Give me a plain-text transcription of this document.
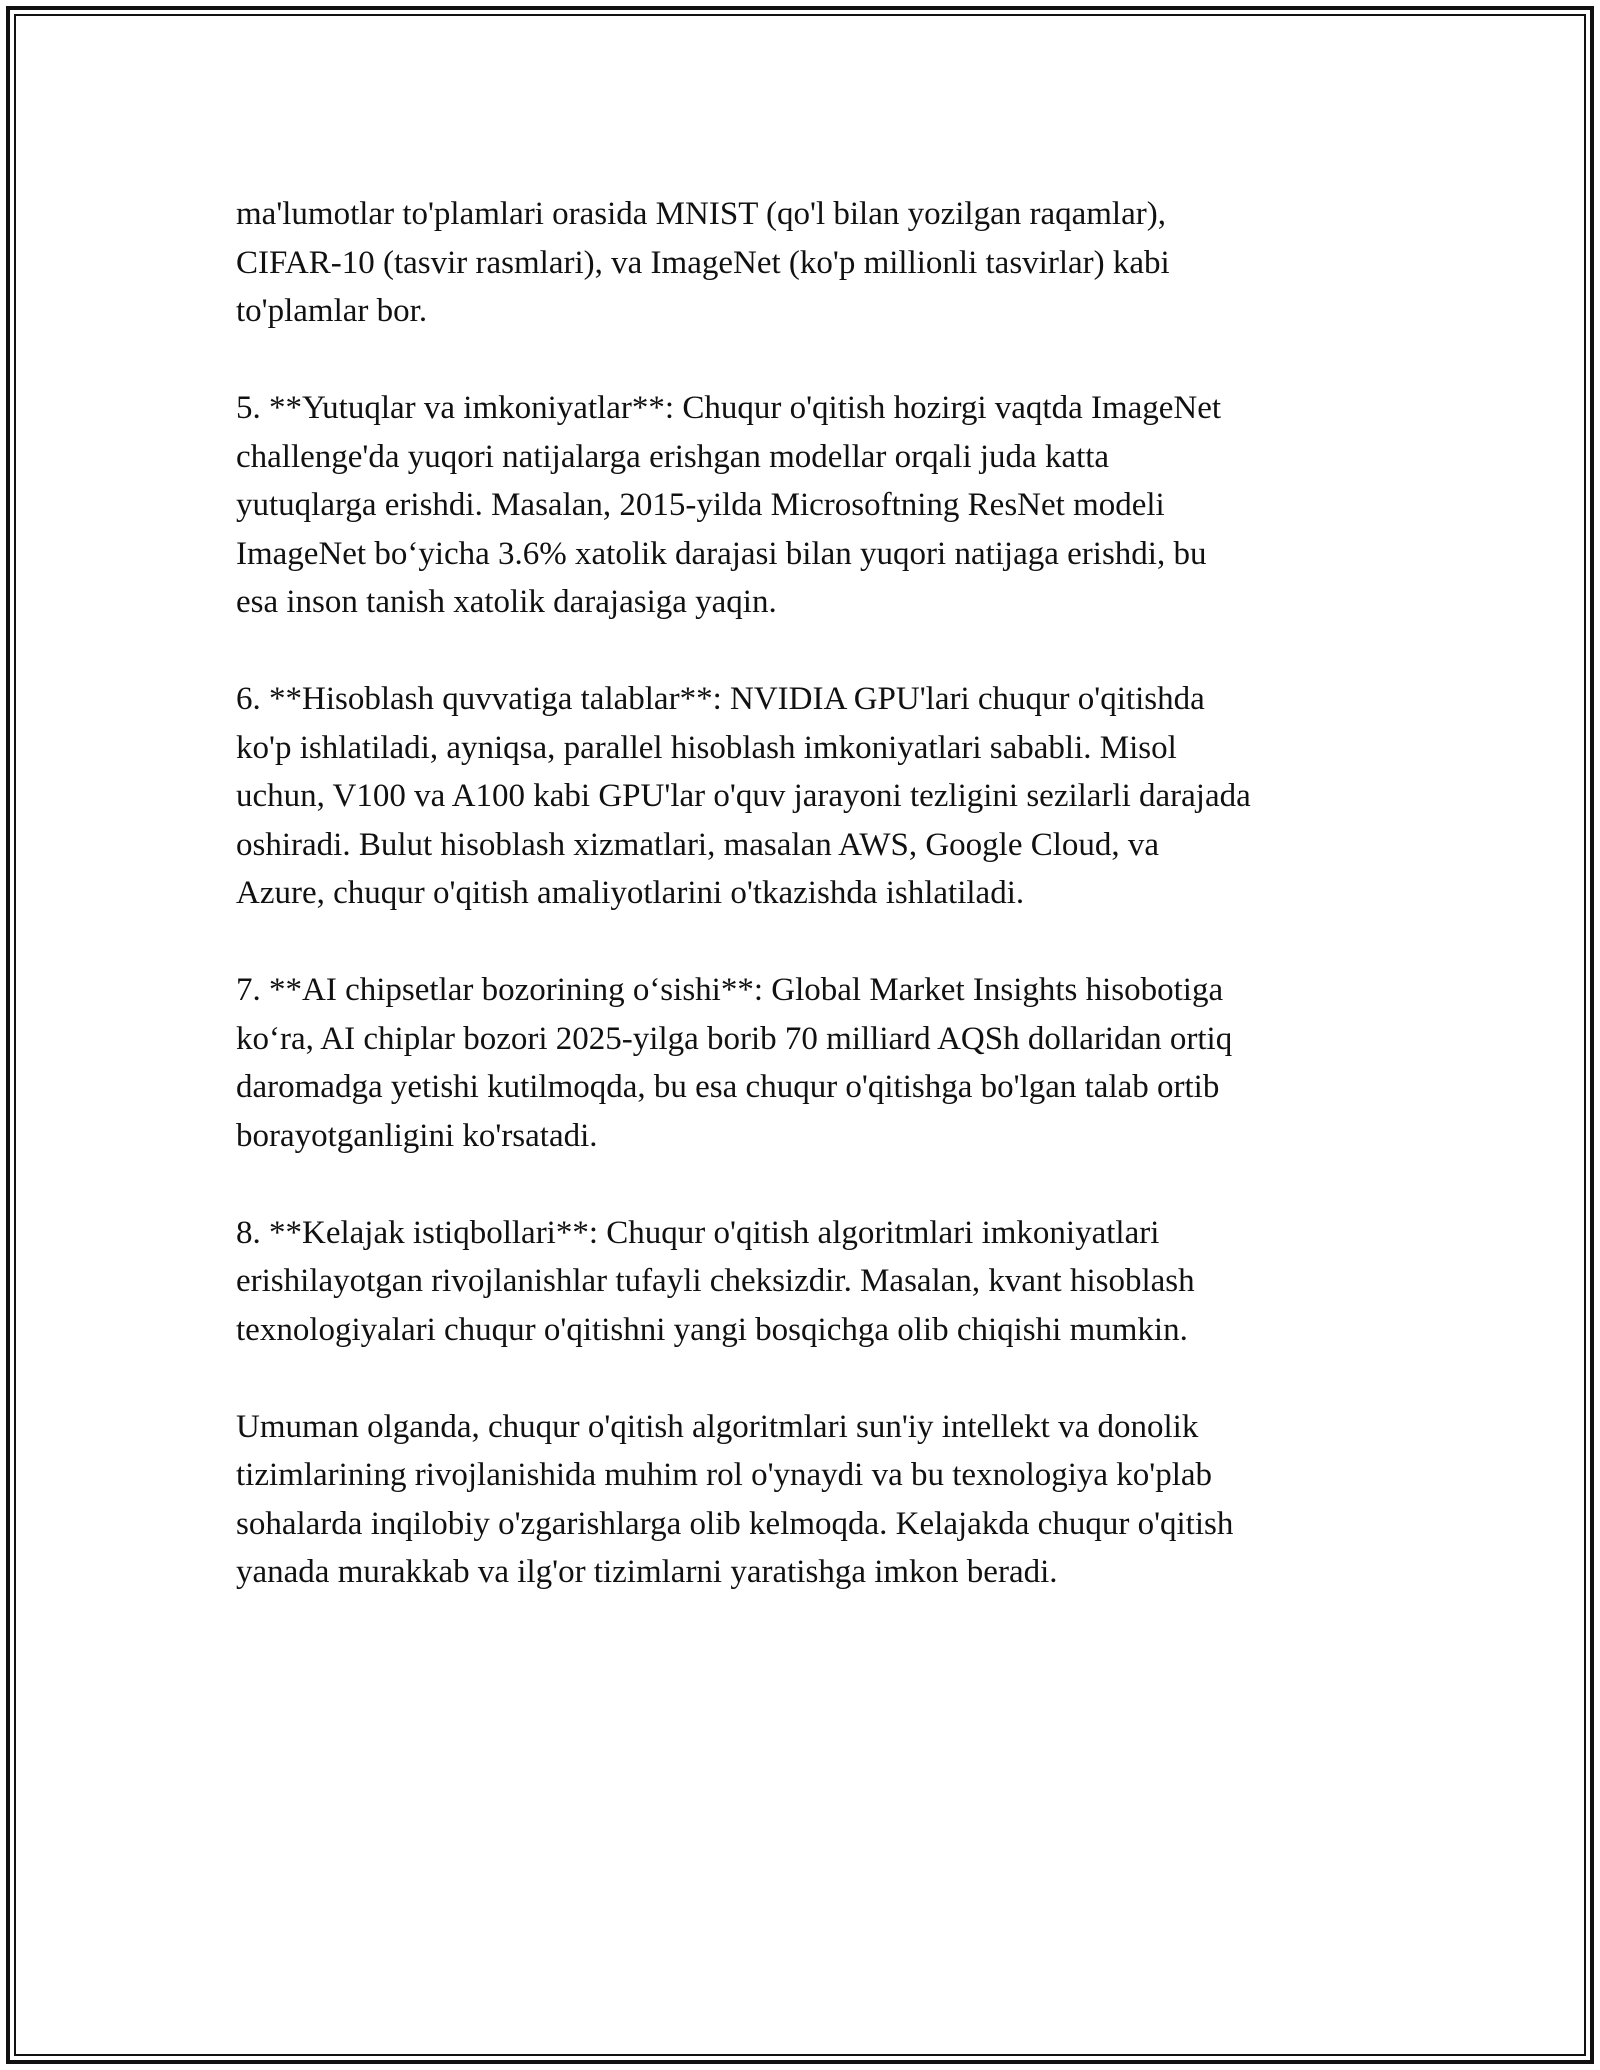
ma'lumotlar to'plamlari orasida MNIST (qo'l bilan yozilgan raqamlar),
CIFAR-10 (tasvir rasmlari), va ImageNet (ko'p millionli tasvirlar) kabi
to'plamlar bor.

5. **Yutuqlar va imkoniyatlar**: Chuqur o'qitish hozirgi vaqtda ImageNet
challenge'da yuqori natijalarga erishgan modellar orqali juda katta
yutuqlarga erishdi. Masalan, 2015-yilda Microsoftning ResNet modeli
ImageNet bo‘yicha 3.6% xatolik darajasi bilan yuqori natijaga erishdi, bu
esa inson tanish xatolik darajasiga yaqin.

6. **Hisoblash quvvatiga talablar**: NVIDIA GPU'lari chuqur o'qitishda
ko'p ishlatiladi, ayniqsa, parallel hisoblash imkoniyatlari sababli. Misol
uchun, V100 va A100 kabi GPU'lar o'quv jarayoni tezligini sezilarli darajada
oshiradi. Bulut hisoblash xizmatlari, masalan AWS, Google Cloud, va
Azure, chuqur o'qitish amaliyotlarini o'tkazishda ishlatiladi.

7. **AI chipsetlar bozorining o‘sishi**: Global Market Insights hisobotiga
ko‘ra, AI chiplar bozori 2025-yilga borib 70 milliard AQSh dollaridan ortiq
daromadga yetishi kutilmoqda, bu esa chuqur o'qitishga bo'lgan talab ortib
borayotganligini ko'rsatadi.

8. **Kelajak istiqbollari**: Chuqur o'qitish algoritmlari imkoniyatlari
erishilayotgan rivojlanishlar tufayli cheksizdir. Masalan, kvant hisoblash
texnologiyalari chuqur o'qitishni yangi bosqichga olib chiqishi mumkin.

Umuman olganda, chuqur o'qitish algoritmlari sun'iy intellekt va donolik
tizimlarining rivojlanishida muhim rol o'ynaydi va bu texnologiya ko'plab
sohalarda inqilobiy o'zgarishlarga olib kelmoqda. Kelajakda chuqur o'qitish
yanada murakkab va ilg'or tizimlarni yaratishga imkon beradi.
